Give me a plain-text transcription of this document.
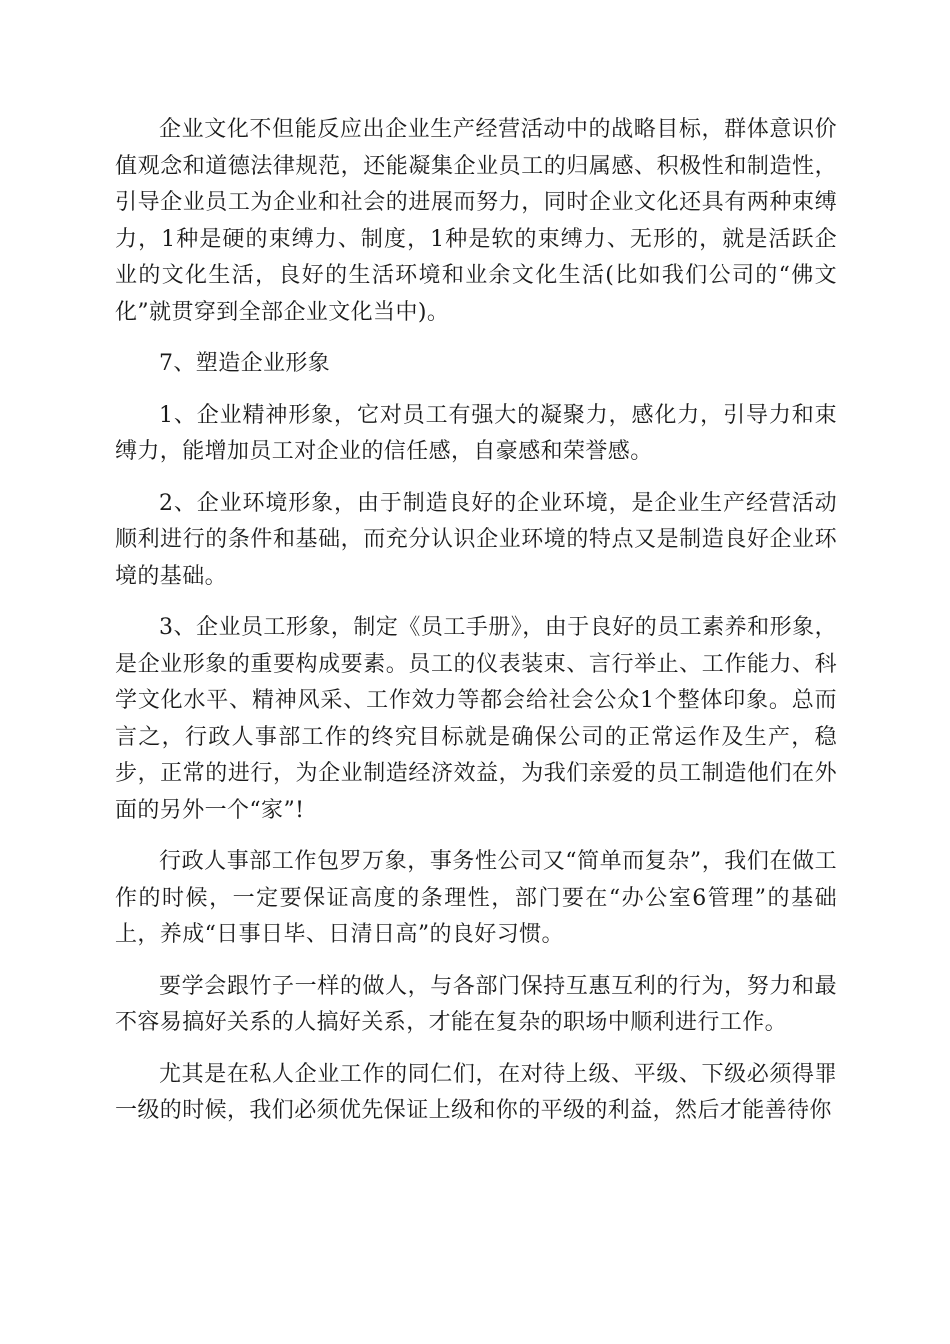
企业文化不但能反应出企业生产经营活动中的战略目标，群体意识价值观念和道德法律规范，还能凝集企业员工的归属感、积极性和制造性，引导企业员工为企业和社会的进展而努力，同时企业文化还具有两种束缚力，1种是硬的束缚力、制度，1种是软的束缚力、无形的，就是活跃企业的文化生活，良好的生活环境和业余文化生活(比如我们公司的“佛文化”就贯穿到全部企业文化当中)。

7、塑造企业形象

1、企业精神形象，它对员工有强大的凝聚力，感化力，引导力和束缚力，能增加员工对企业的信任感，自豪感和荣誉感。

2、企业环境形象，由于制造良好的企业环境，是企业生产经营活动顺利进行的条件和基础，而充分认识企业环境的特点又是制造良好企业环境的基础。

3、企业员工形象，制定《员工手册》，由于良好的员工素养和形象，是企业形象的重要构成要素。员工的仪表装束、言行举止、工作能力、科学文化水平、精神风采、工作效力等都会给社会公众1个整体印象。总而言之，行政人事部工作的终究目标就是确保公司的正常运作及生产，稳步，正常的进行，为企业制造经济效益，为我们亲爱的员工制造他们在外面的另外一个“家”!

行政人事部工作包罗万象，事务性公司又“简单而复杂”，我们在做工作的时候，一定要保证高度的条理性，部门要在“办公室6管理”的基础上，养成“日事日毕、日清日高”的良好习惯。

要学会跟竹子一样的做人，与各部门保持互惠互利的行为，努力和最不容易搞好关系的人搞好关系，才能在复杂的职场中顺利进行工作。

尤其是在私人企业工作的同仁们，在对待上级、平级、下级必须得罪一级的时候，我们必须优先保证上级和你的平级的利益，然后才能善待你
